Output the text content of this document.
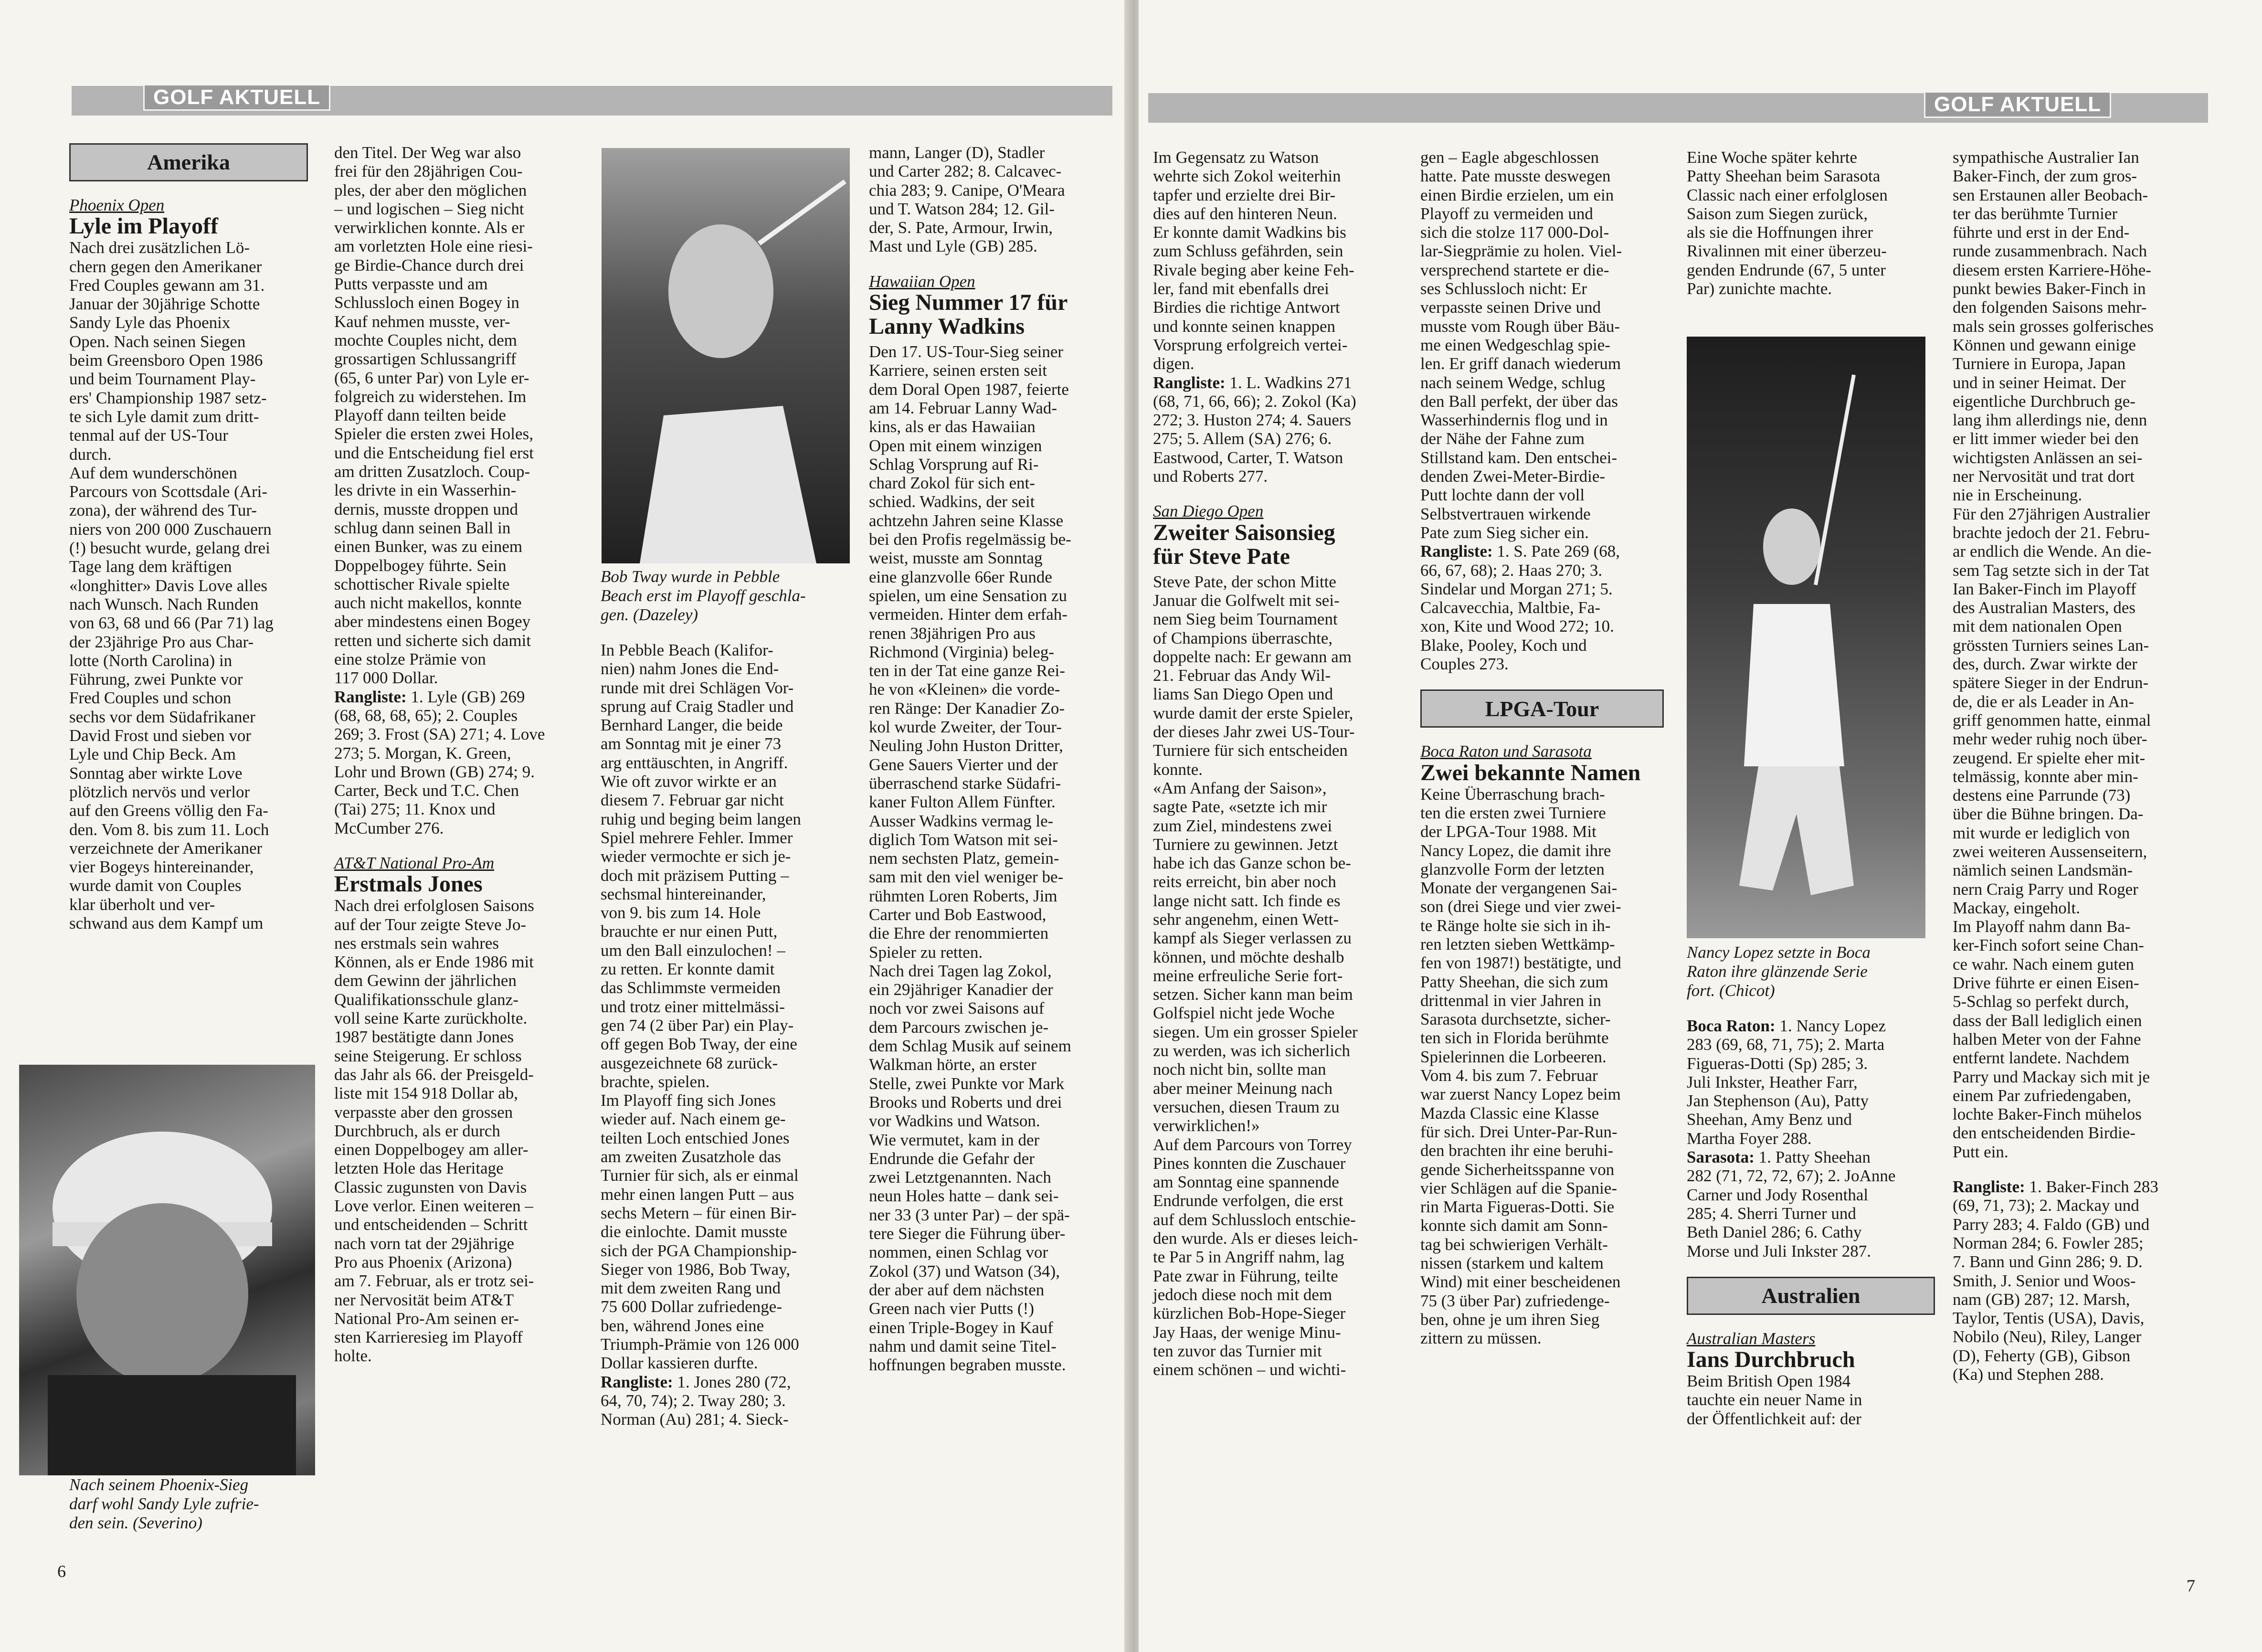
GOLF AKTUELL
Amerika

Phoenix Open

Lyle im Playoff

Nach drei zusätzlichen Lö-
chern gegen den Amerikaner
Fred Couples gewann am 31.
Januar der 30jährige Schotte
Sandy Lyle das Phoenix
Open. Nach seinen Siegen
beim Greensboro Open 1986
und beim Tournament Play-
ers' Championship 1987 setz-
te sich Lyle damit zum dritt-
tenmal auf der US-Tour
durch.
Auf dem wunderschönen
Parcours von Scottsdale (Ari-
zona), der während des Tur-
niers von 200 000 Zuschauern
(!) besucht wurde, gelang drei
Tage lang dem kräftigen
«longhitter» Davis Love alles
nach Wunsch. Nach Runden
von 63, 68 und 66 (Par 71) lag
der 23jährige Pro aus Char-
lotte (North Carolina) in
Führung, zwei Punkte vor
Fred Couples und schon
sechs vor dem Südafrikaner
David Frost und sieben vor
Lyle und Chip Beck. Am
Sonntag aber wirkte Love
plötzlich nervös und verlor
auf den Greens völlig den Fa-
den. Vom 8. bis zum 11. Loch
verzeichnete der Amerikaner
vier Bogeys hintereinander,
wurde damit von Couples
klar überholt und ver-
schwand aus dem Kampf um
Nach seinem Phoenix-Sieg
darf wohl Sandy Lyle zufrie-
den sein. (Severino)
den Titel. Der Weg war also
frei für den 28jährigen Cou-
ples, der aber den möglichen
– und logischen – Sieg nicht
verwirklichen konnte. Als er
am vorletzten Hole eine riesi-
ge Birdie-Chance durch drei
Putts verpasste und am
Schlussloch einen Bogey in
Kauf nehmen musste, ver-
mochte Couples nicht, dem
grossartigen Schlussangriff
(65, 6 unter Par) von Lyle er-
folgreich zu widerstehen. Im
Playoff dann teilten beide
Spieler die ersten zwei Holes,
und die Entscheidung fiel erst
am dritten Zusatzloch. Coup-
les drivte in ein Wasserhin-
dernis, musste droppen und
schlug dann seinen Ball in
einen Bunker, was zu einem
Doppelbogey führte. Sein
schottischer Rivale spielte
auch nicht makellos, konnte
aber mindestens einen Bogey
retten und sicherte sich damit
eine stolze Prämie von
117 000 Dollar.
Rangliste: 1. Lyle (GB) 269
(68, 68, 68, 65); 2. Couples
269; 3. Frost (SA) 271; 4. Love
273; 5. Morgan, K. Green,
Lohr und Brown (GB) 274; 9.
Carter, Beck und T.C. Chen
(Tai) 275; 11. Knox und
McCumber 276.

AT&T National Pro-Am

Erstmals Jones

Nach drei erfolglosen Saisons
auf der Tour zeigte Steve Jo-
nes erstmals sein wahres
Können, als er Ende 1986 mit
dem Gewinn der jährlichen
Qualifikationsschule glanz-
voll seine Karte zurückholte.
1987 bestätigte dann Jones
seine Steigerung. Er schloss
das Jahr als 66. der Preisgeld-
liste mit 154 918 Dollar ab,
verpasste aber den grossen
Durchbruch, als er durch
einen Doppelbogey am aller-
letzten Hole das Heritage
Classic zugunsten von Davis
Love verlor. Einen weiteren –
und entscheidenden – Schritt
nach vorn tat der 29jährige
Pro aus Phoenix (Arizona)
am 7. Februar, als er trotz sei-
ner Nervosität beim AT&T
National Pro-Am seinen er-
sten Karrieresieg im Playoff
holte.
Bob Tway wurde in Pebble
Beach erst im Playoff geschla-
gen. (Dazeley)
In Pebble Beach (Kalifor-
nien) nahm Jones die End-
runde mit drei Schlägen Vor-
sprung auf Craig Stadler und
Bernhard Langer, die beide
am Sonntag mit je einer 73
arg enttäuschten, in Angriff.
Wie oft zuvor wirkte er an
diesem 7. Februar gar nicht
ruhig und beging beim langen
Spiel mehrere Fehler. Immer
wieder vermochte er sich je-
doch mit präzisem Putting –
sechsmal hintereinander,
von 9. bis zum 14. Hole
brauchte er nur einen Putt,
um den Ball einzulochen! –
zu retten. Er konnte damit
das Schlimmste vermeiden
und trotz einer mittelmässi-
gen 74 (2 über Par) ein Play-
off gegen Bob Tway, der eine
ausgezeichnete 68 zurück-
brachte, spielen.
Im Playoff fing sich Jones
wieder auf. Nach einem ge-
teilten Loch entschied Jones
am zweiten Zusatzhole das
Turnier für sich, als er einmal
mehr einen langen Putt – aus
sechs Metern – für einen Bir-
die einlochte. Damit musste
sich der PGA Championship-
Sieger von 1986, Bob Tway,
mit dem zweiten Rang und
75 600 Dollar zufriedenge-
ben, während Jones eine
Triumph-Prämie von 126 000
Dollar kassieren durfte.
Rangliste: 1. Jones 280 (72,
64, 70, 74); 2. Tway 280; 3.
Norman (Au) 281; 4. Sieck-
mann, Langer (D), Stadler
und Carter 282; 8. Calcavec-
chia 283; 9. Canipe, O'Meara
und T. Watson 284; 12. Gil-
der, S. Pate, Armour, Irwin,
Mast und Lyle (GB) 285.

Hawaiian Open

Sieg Nummer 17 für
Lanny Wadkins
Den 17. US-Tour-Sieg seiner
Karriere, seinen ersten seit
dem Doral Open 1987, feierte
am 14. Februar Lanny Wad-
kins, als er das Hawaiian
Open mit einem winzigen
Schlag Vorsprung auf Ri-
chard Zokol für sich ent-
schied. Wadkins, der seit
achtzehn Jahren seine Klasse
bei den Profis regelmässig be-
weist, musste am Sonntag
eine glanzvolle 66er Runde
spielen, um eine Sensation zu
vermeiden. Hinter dem erfah-
renen 38jährigen Pro aus
Richmond (Virginia) beleg-
ten in der Tat eine ganze Rei-
he von «Kleinen» die vorde-
ren Ränge: Der Kanadier Zo-
kol wurde Zweiter, der Tour-
Neuling John Huston Dritter,
Gene Sauers Vierter und der
überraschend starke Südafri-
kaner Fulton Allem Fünfter.
Ausser Wadkins vermag le-
diglich Tom Watson mit sei-
nem sechsten Platz, gemein-
sam mit den viel weniger be-
rühmten Loren Roberts, Jim
Carter und Bob Eastwood,
die Ehre der renommierten
Spieler zu retten.
Nach drei Tagen lag Zokol,
ein 29jähriger Kanadier der
noch vor zwei Saisons auf
dem Parcours zwischen je-
dem Schlag Musik auf seinem
Walkman hörte, an erster
Stelle, zwei Punkte vor Mark
Brooks und Roberts und drei
vor Wadkins und Watson.
Wie vermutet, kam in der
Endrunde die Gefahr der
zwei Letztgenannten. Nach
neun Holes hatte – dank sei-
ner 33 (3 unter Par) – der spä-
tere Sieger die Führung über-
nommen, einen Schlag vor
Zokol (37) und Watson (34),
der aber auf dem nächsten
Green nach vier Putts (!)
einen Triple-Bogey in Kauf
nahm und damit seine Titel-
hoffnungen begraben musste.
6
GOLF AKTUELL
Im Gegensatz zu Watson
wehrte sich Zokol weiterhin
tapfer und erzielte drei Bir-
dies auf den hinteren Neun.
Er konnte damit Wadkins bis
zum Schluss gefährden, sein
Rivale beging aber keine Feh-
ler, fand mit ebenfalls drei
Birdies die richtige Antwort
und konnte seinen knappen
Vorsprung erfolgreich vertei-
digen.
Rangliste: 1. L. Wadkins 271
(68, 71, 66, 66); 2. Zokol (Ka)
272; 3. Huston 274; 4. Sauers
275; 5. Allem (SA) 276; 6.
Eastwood, Carter, T. Watson
und Roberts 277.

San Diego Open

Zweiter Saisonsieg
für Steve Pate
Steve Pate, der schon Mitte
Januar die Golfwelt mit sei-
nem Sieg beim Tournament
of Champions überraschte,
doppelte nach: Er gewann am
21. Februar das Andy Wil-
liams San Diego Open und
wurde damit der erste Spieler,
der dieses Jahr zwei US-Tour-
Turniere für sich entscheiden
konnte.
«Am Anfang der Saison»,
sagte Pate, «setzte ich mir
zum Ziel, mindestens zwei
Turniere zu gewinnen. Jetzt
habe ich das Ganze schon be-
reits erreicht, bin aber noch
lange nicht satt. Ich finde es
sehr angenehm, einen Wett-
kampf als Sieger verlassen zu
können, und möchte deshalb
meine erfreuliche Serie fort-
setzen. Sicher kann man beim
Golfspiel nicht jede Woche
siegen. Um ein grosser Spieler
zu werden, was ich sicherlich
noch nicht bin, sollte man
aber meiner Meinung nach
versuchen, diesen Traum zu
verwirklichen!»
Auf dem Parcours von Torrey
Pines konnten die Zuschauer
am Sonntag eine spannende
Endrunde verfolgen, die erst
auf dem Schlussloch entschie-
den wurde. Als er dieses leich-
te Par 5 in Angriff nahm, lag
Pate zwar in Führung, teilte
jedoch diese noch mit dem
kürzlichen Bob-Hope-Sieger
Jay Haas, der wenige Minu-
ten zuvor das Turnier mit
einem schönen – und wichti-
gen – Eagle abgeschlossen
hatte. Pate musste deswegen
einen Birdie erzielen, um ein
Playoff zu vermeiden und
sich die stolze 117 000-Dol-
lar-Siegprämie zu holen. Viel-
versprechend startete er die-
ses Schlussloch nicht: Er
verpasste seinen Drive und
musste vom Rough über Bäu-
me einen Wedgeschlag spie-
len. Er griff danach wiederum
nach seinem Wedge, schlug
den Ball perfekt, der über das
Wasserhindernis flog und in
der Nähe der Fahne zum
Stillstand kam. Den entschei-
denden Zwei-Meter-Birdie-
Putt lochte dann der voll
Selbstvertrauen wirkende
Pate zum Sieg sicher ein.
Rangliste: 1. S. Pate 269 (68,
66, 67, 68); 2. Haas 270; 3.
Sindelar und Morgan 271; 5.
Calcavecchia, Maltbie, Fa-
xon, Kite und Wood 272; 10.
Blake, Pooley, Koch und
Couples 273.
LPGA-Tour

Boca Raton und Sarasota

Zwei bekannte Namen

Keine Überraschung brach-
ten die ersten zwei Turniere
der LPGA-Tour 1988. Mit
Nancy Lopez, die damit ihre
glanzvolle Form der letzten
Monate der vergangenen Sai-
son (drei Siege und vier zwei-
te Ränge holte sie sich in ih-
ren letzten sieben Wettkämp-
fen von 1987!) bestätigte, und
Patty Sheehan, die sich zum
drittenmal in vier Jahren in
Sarasota durchsetzte, sicher-
ten sich in Florida berühmte
Spielerinnen die Lorbeeren.
Vom 4. bis zum 7. Februar
war zuerst Nancy Lopez beim
Mazda Classic eine Klasse
für sich. Drei Unter-Par-Run-
den brachten ihr eine beruhi-
gende Sicherheitsspanne von
vier Schlägen auf die Spanie-
rin Marta Figueras-Dotti. Sie
konnte sich damit am Sonn-
tag bei schwierigen Verhält-
nissen (starkem und kaltem
Wind) mit einer bescheidenen
75 (3 über Par) zufriedenge-
ben, ohne je um ihren Sieg
zittern zu müssen.
Eine Woche später kehrte
Patty Sheehan beim Sarasota
Classic nach einer erfolglosen
Saison zum Siegen zurück,
als sie die Hoffnungen ihrer
Rivalinnen mit einer überzeu-
genden Endrunde (67, 5 unter
Par) zunichte machte.
Nancy Lopez setzte in Boca
Raton ihre glänzende Serie
fort. (Chicot)
Boca Raton: 1. Nancy Lopez
283 (69, 68, 71, 75); 2. Marta
Figueras-Dotti (Sp) 285; 3.
Juli Inkster, Heather Farr,
Jan Stephenson (Au), Patty
Sheehan, Amy Benz und
Martha Foyer 288.
Sarasota: 1. Patty Sheehan
282 (71, 72, 72, 67); 2. JoAnne
Carner und Jody Rosenthal
285; 4. Sherri Turner und
Beth Daniel 286; 6. Cathy
Morse und Juli Inkster 287.
Australien

Australian Masters

Ians Durchbruch

Beim British Open 1984
tauchte ein neuer Name in
der Öffentlichkeit auf: der
sympathische Australier Ian
Baker-Finch, der zum gros-
sen Erstaunen aller Beobach-
ter das berühmte Turnier
führte und erst in der End-
runde zusammenbrach. Nach
diesem ersten Karriere-Höhe-
punkt bewies Baker-Finch in
den folgenden Saisons mehr-
mals sein grosses golferisches
Können und gewann einige
Turniere in Europa, Japan
und in seiner Heimat. Der
eigentliche Durchbruch ge-
lang ihm allerdings nie, denn
er litt immer wieder bei den
wichtigsten Anlässen an sei-
ner Nervosität und trat dort
nie in Erscheinung.
Für den 27jährigen Australier
brachte jedoch der 21. Febru-
ar endlich die Wende. An die-
sem Tag setzte sich in der Tat
Ian Baker-Finch im Playoff
des Australian Masters, des
mit dem nationalen Open
grössten Turniers seines Lan-
des, durch. Zwar wirkte der
spätere Sieger in der Endrun-
de, die er als Leader in An-
griff genommen hatte, einmal
mehr weder ruhig noch über-
zeugend. Er spielte eher mit-
telmässig, konnte aber min-
destens eine Parrunde (73)
über die Bühne bringen. Da-
mit wurde er lediglich von
zwei weiteren Aussenseitern,
nämlich seinen Landsmän-
nern Craig Parry und Roger
Mackay, eingeholt.
Im Playoff nahm dann Ba-
ker-Finch sofort seine Chan-
ce wahr. Nach einem guten
Drive führte er einen Eisen-
5-Schlag so perfekt durch,
dass der Ball lediglich einen
halben Meter von der Fahne
entfernt landete. Nachdem
Parry und Mackay sich mit je
einem Par zufriedengaben,
lochte Baker-Finch mühelos
den entscheidenden Birdie-
Putt ein.
Rangliste: 1. Baker-Finch 283
(69, 71, 73); 2. Mackay und
Parry 283; 4. Faldo (GB) und
Norman 284; 6. Fowler 285;
7. Bann und Ginn 286; 9. D.
Smith, J. Senior und Woos-
nam (GB) 287; 12. Marsh,
Taylor, Tentis (USA), Davis,
Nobilo (Neu), Riley, Langer
(D), Feherty (GB), Gibson
(Ka) und Stephen 288.
7
